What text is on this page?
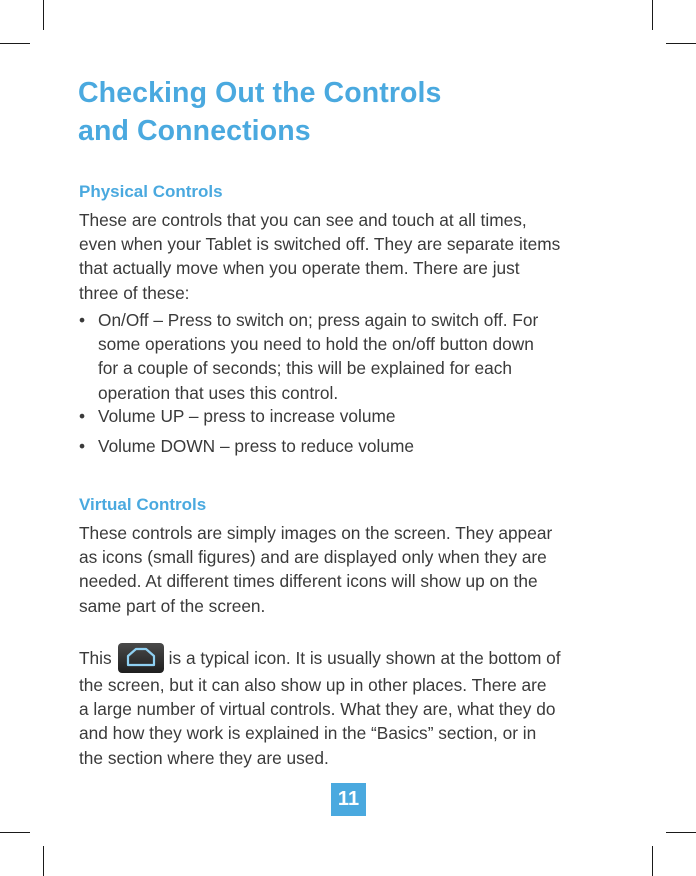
Checking Out the Controls
and Connections
Physical Controls

These are controls that you can see and touch at all times,
even when your Tablet is switched off. They are separate items
that actually move when you operate them. There are just
three of these:

• On/Off – Press to switch on; press again to switch off. For
some operations you need to hold the on/off button down
for a couple of seconds; this will be explained for each
operation that uses this control.
• Volume UP – press to increase volume
• Volume DOWN – press to reduce volume
Virtual Controls

These controls are simply images on the screen. They appear
as icons (small figures) and are displayed only when they are
needed. At different times different icons will show up on the
same part of the screen.

This	is a typical icon. It is usually shown at the bottom of
the screen, but it can also show up in other places. There are
a large number of virtual controls. What they are, what they do
and how they work is explained in the “Basics” section, or in
the section where they are used.

11
